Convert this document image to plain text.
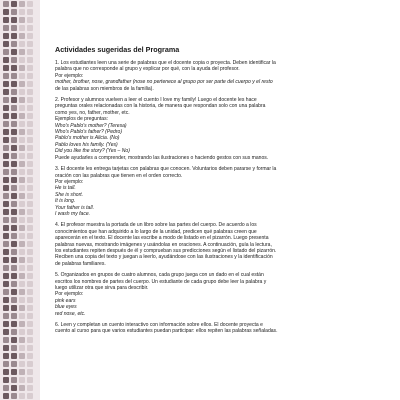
Actividades sugeridas del Programa
1. Los estudiantes leen una serie de palabras que el docente copia o proyecta. Deben identificar la
palabra que no corresponde al grupo y explicar por qué, con la ayuda del profesor.
Por ejemplo:
mother, brother, nose, grandfather (nose no pertenece al grupo por ser parte del cuerpo y el resto
de las palabras son miembros de la familia).
2. Profesor y alumnos vuelven a leer el cuento I love my family! Luego el docente les hace
preguntas orales relacionadas con la historia, de manera que respondan solo con una palabra
como yes, no, father, mother, etc.
Ejemplos de preguntas:
Who's Pablo's mother? (Teresa)
Who's Pablo's father? (Pedro)
Pablo's mother is Alicia. (No)
Pablo loves his family. (Yes)
Did you like the story? (Yes – No)
Puede ayudarles a comprender, mostrando las ilustraciones o haciendo gestos con sus manos.
3. El docente les entrega tarjetas con palabras que conocen. Voluntarios deben pararse y formar la
oración con las palabras que tienen en el orden correcto.
Por ejemplo:
He is tall.
She is short.
It is long.
Your father is tall.
I wash my face.
4. El profesor muestra la portada de un libro sobre las partes del cuerpo. De acuerdo a los
conocimientos que han adquirido a lo largo de la unidad, predicen qué palabras creen que
aparecerán en el texto. El docente las escribe a modo de listado en el pizarrón. Luego presenta
palabras nuevas, mostrando imágenes y usándolas en oraciones. A continuación, guía la lectura,
los estudiantes repiten después de él y comprueban sus predicciones según el listado del pizarrón.
Reciben una copia del texto y juegan a leerlo, ayudándose con las ilustraciones y la identificación
de palabras familiares.
5. Organizados en grupos de cuatro alumnos, cada grupo juega con un dado en el cual están
escritos los nombres de partes del cuerpo. Un estudiante de cada grupo debe leer la palabra y
luego utilizar otra que sirva para describir.
Por ejemplo:
pink ears
blue eyes
red nose, etc.
6. Leen y completan un cuento interactivo con información sobre ellos. El docente proyecta e
cuento al curso para que varios estudiantes puedan participar: ellos repiten las palabras señaladas.
